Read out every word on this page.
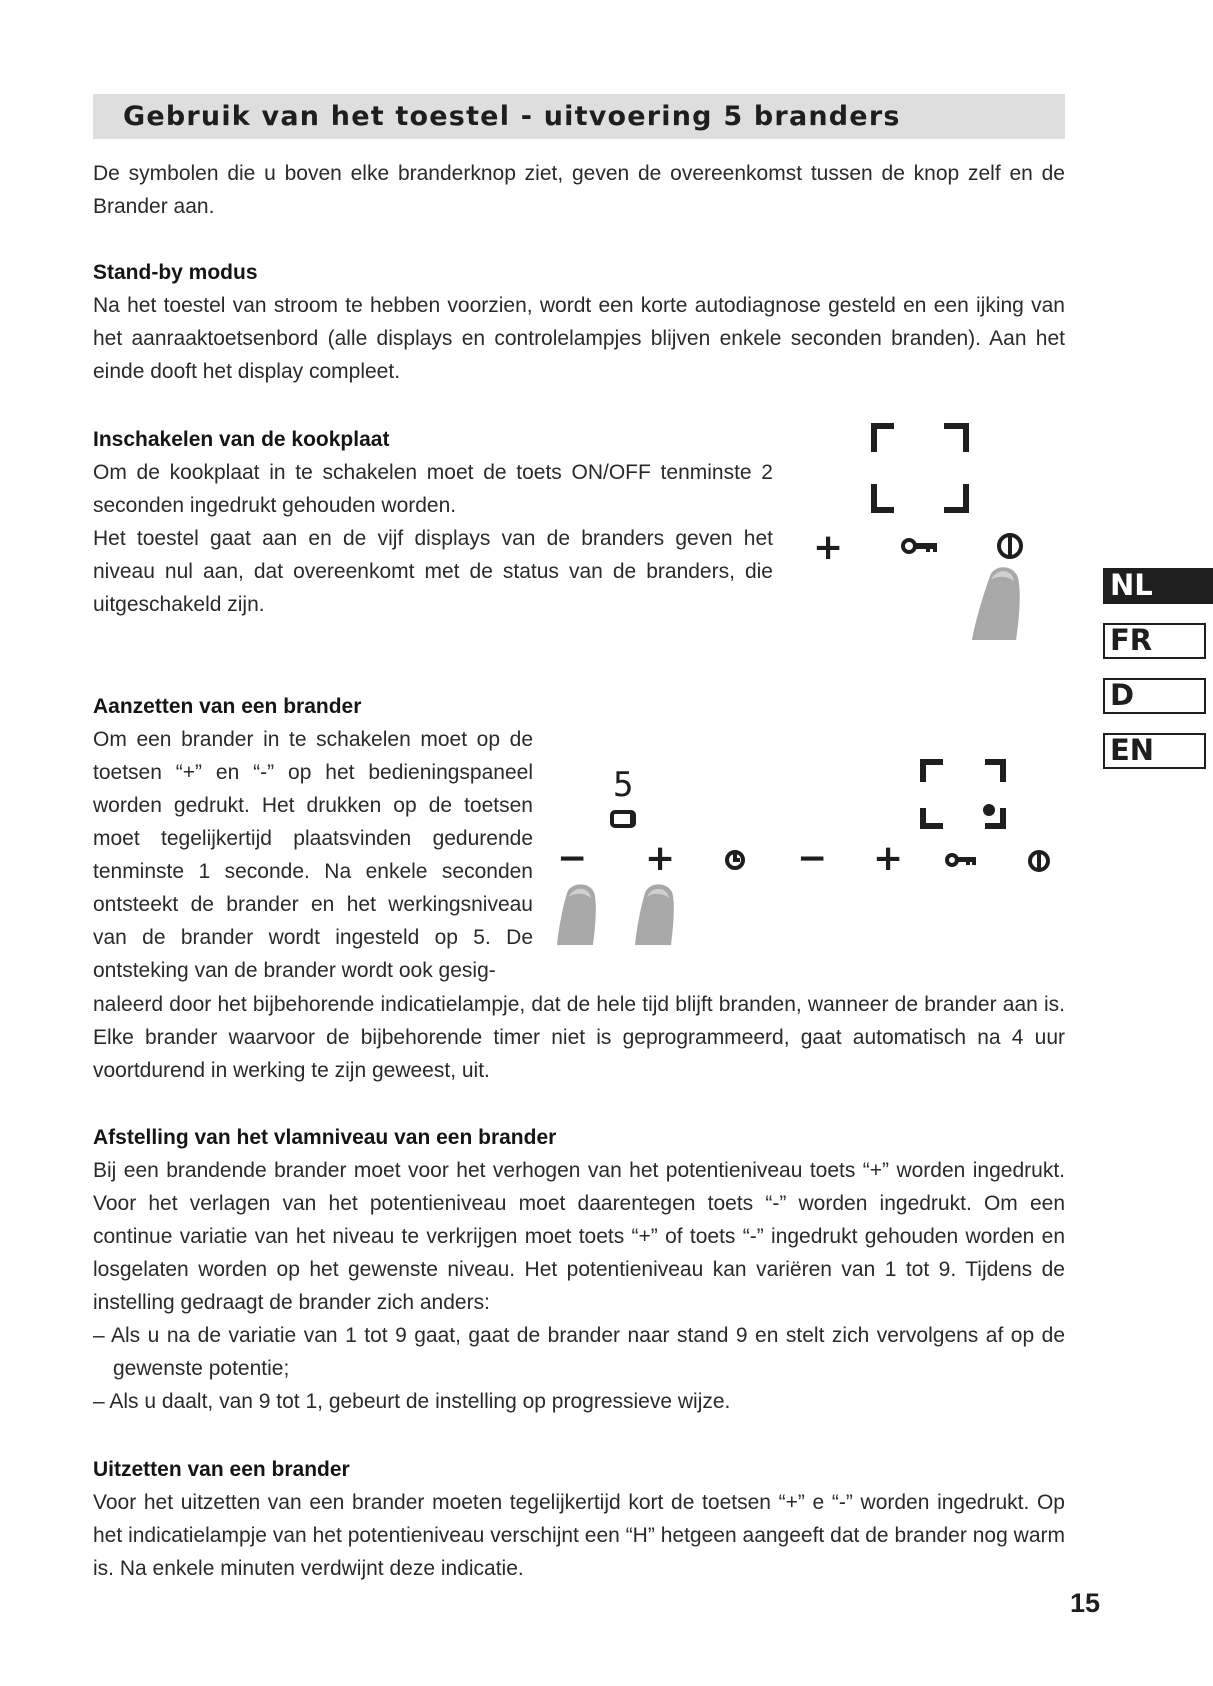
Gebruik van het toestel - uitvoering 5 branders
De symbolen die u boven elke branderknop ziet, geven de overeenkomst tussen de knop zelf en de Brander aan.
Stand-by modus

Na het toestel van stroom te hebben voorzien, wordt een korte autodiagnose gesteld en een ijking van het aanraaktoetsenbord (alle displays en controlelampjes blijven enkele seconden branden). Aan het einde dooft het display compleet.

Inschakelen van de kookplaat

Om de kookplaat in te schakelen moet de toets ON/OFF tenminste 2 seconden ingedrukt gehouden worden.

Het toestel gaat aan en de vijf displays van de branders geven het niveau nul aan, dat overeenkomt met de status van de branders, die uitgeschakeld zijn.

+
Aanzetten van een brander

Om een brander in te schakelen moet op de toetsen “+” en “-” op het bedieningspaneel worden gedrukt. Het drukken op de toetsen moet tegelijkertijd plaatsvinden gedurende tenminste 1 seconde. Na enkele seconden ontsteekt de brander en het werkingsniveau van de brander wordt ingesteld op 5. De ontsteking van de brander wordt ook gesig-

naleerd door het bijbehorende indicatielampje, dat de hele tijd blijft branden, wanneer de brander aan is. Elke brander waarvoor de bijbehorende timer niet is geprogrammeerd, gaat automatisch na 4 uur voortdurend in werking te zijn geweest, uit.
5
− +	− +
Afstelling van het vlamniveau van een brander

Bij een brandende brander moet voor het verhogen van het potentieniveau toets “+” worden ingedrukt. Voor het verlagen van het potentieniveau moet daarentegen toets “-” worden ingedrukt. Om een continue variatie van het niveau te verkrijgen moet toets “+” of toets “-” ingedrukt gehouden worden en losgelaten worden op het gewenste niveau. Het potentieniveau kan variëren van 1 tot 9. Tijdens de instelling gedraagt de brander zich anders:

– Als u na de variatie van 1 tot 9 gaat, gaat de brander naar stand 9 en stelt zich vervolgens af op de gewenste potentie;

– Als u daalt, van 9 tot 1, gebeurt de instelling op progressieve wijze.

Uitzetten van een brander

Voor het uitzetten van een brander moeten tegelijkertijd kort de toetsen “+” e “-” worden ingedrukt. Op het indicatielampje van het potentieniveau verschijnt een “H” hetgeen aangeeft dat de brander nog warm is. Na enkele minuten verdwijnt deze indicatie.

NL
FR
D
EN
15
